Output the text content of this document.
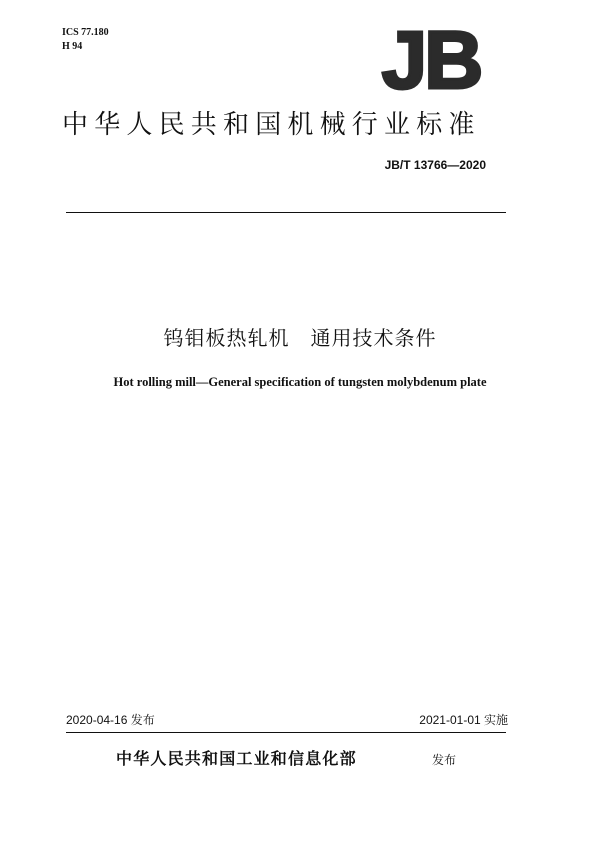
ICS 77.180
H 94	JB
中华人民共和国机械行业标准
JB/T 13766—2020
钨钼板热轧机　通用技术条件
Hot rolling mill—General specification of tungsten molybdenum plate
2020-04-16 发布	2021-01-01 实施
中华人民共和国工业和信息化部	发布
